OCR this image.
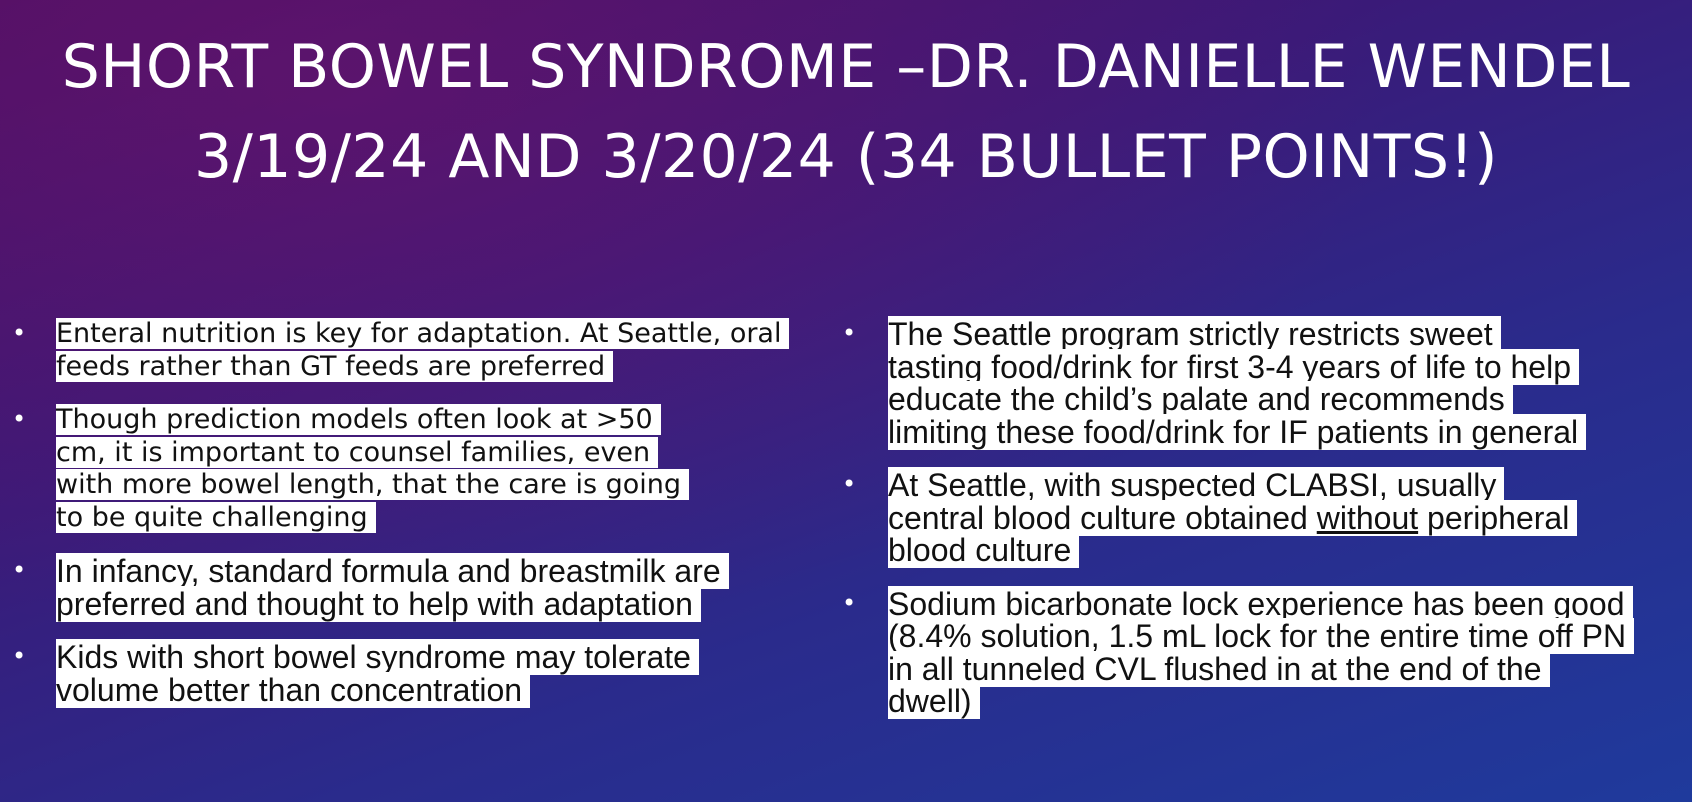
SHORT BOWEL SYNDROME –DR. DANIELLE WENDEL
3/19/24 AND 3/20/24 (34 BULLET POINTS!)
• Enteral nutrition is key for adaptation. At Seattle, oral feeds rather than GT feeds are preferred
• Though prediction models often look at >50 cm, it is important to counsel families, even with more bowel length, that the care is going to be quite challenging
• In infancy, standard formula and breastmilk are preferred and thought to help with adaptation
• Kids with short bowel syndrome may tolerate volume better than concentration
• The Seattle program strictly restricts sweet tasting food/drink for first 3-4 years of life to help educate the child’s palate and recommends limiting these food/drink for IF patients in general
• At Seattle, with suspected CLABSI, usually central blood culture obtained without peripheral blood culture
• Sodium bicarbonate lock experience has been good (8.4% solution, 1.5 mL lock for the entire time off PN in all tunneled CVL flushed in at the end of the dwell)
